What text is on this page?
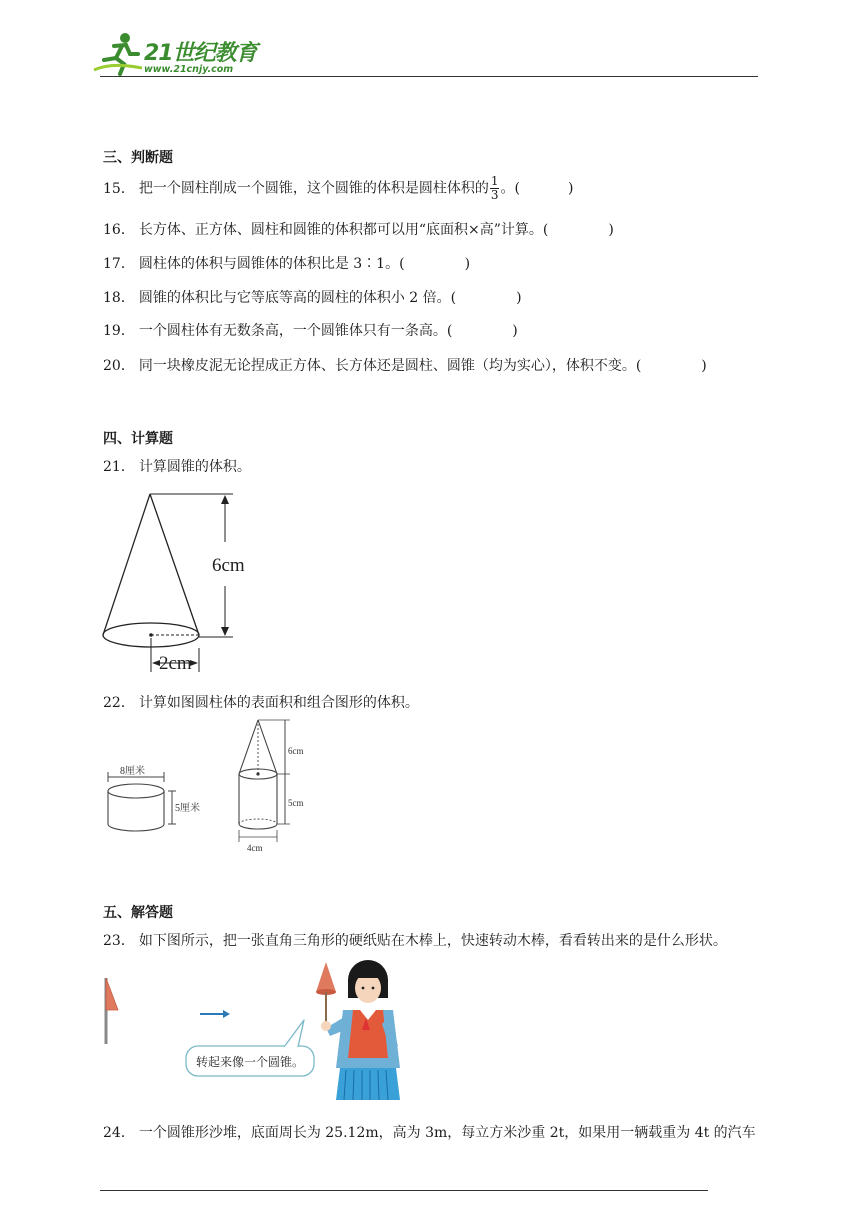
21世纪教育
www.21cnjy.com
三、判断题
15． 把一个圆柱削成一个圆锥，这个圆锥的体积是圆柱体积的 $\frac{1}{3}$ 。(	)
16． 长方体、正方体、圆柱和圆锥的体积都可以用“底面积×高”计算。(	)
17． 圆柱体的体积与圆锥体的体积比是 3∶1。(	)
18． 圆锥的体积比与它等底等高的圆柱的体积小 2 倍。(	)
19． 一个圆柱体有无数条高，一个圆锥体只有一条高。(	)
20． 同一块橡皮泥无论捏成正方体、长方体还是圆柱、圆锥（均为实心），体积不变。(	)
四、计算题
21． 计算圆锥的体积。
6cm
2cm
22． 计算如图圆柱体的表面积和组合图形的体积。
8厘米
5厘米
6cm
5cm
4cm
五、解答题
23． 如下图所示，把一张直角三角形的硬纸贴在木棒上，快速转动木棒，看看转出来的是什么形状。
转起来像一个圆锥。
24． 一个圆锥形沙堆，底面周长为 25.12m，高为 3m，每立方米沙重 2t，如果用一辆载重为 4t 的汽车
